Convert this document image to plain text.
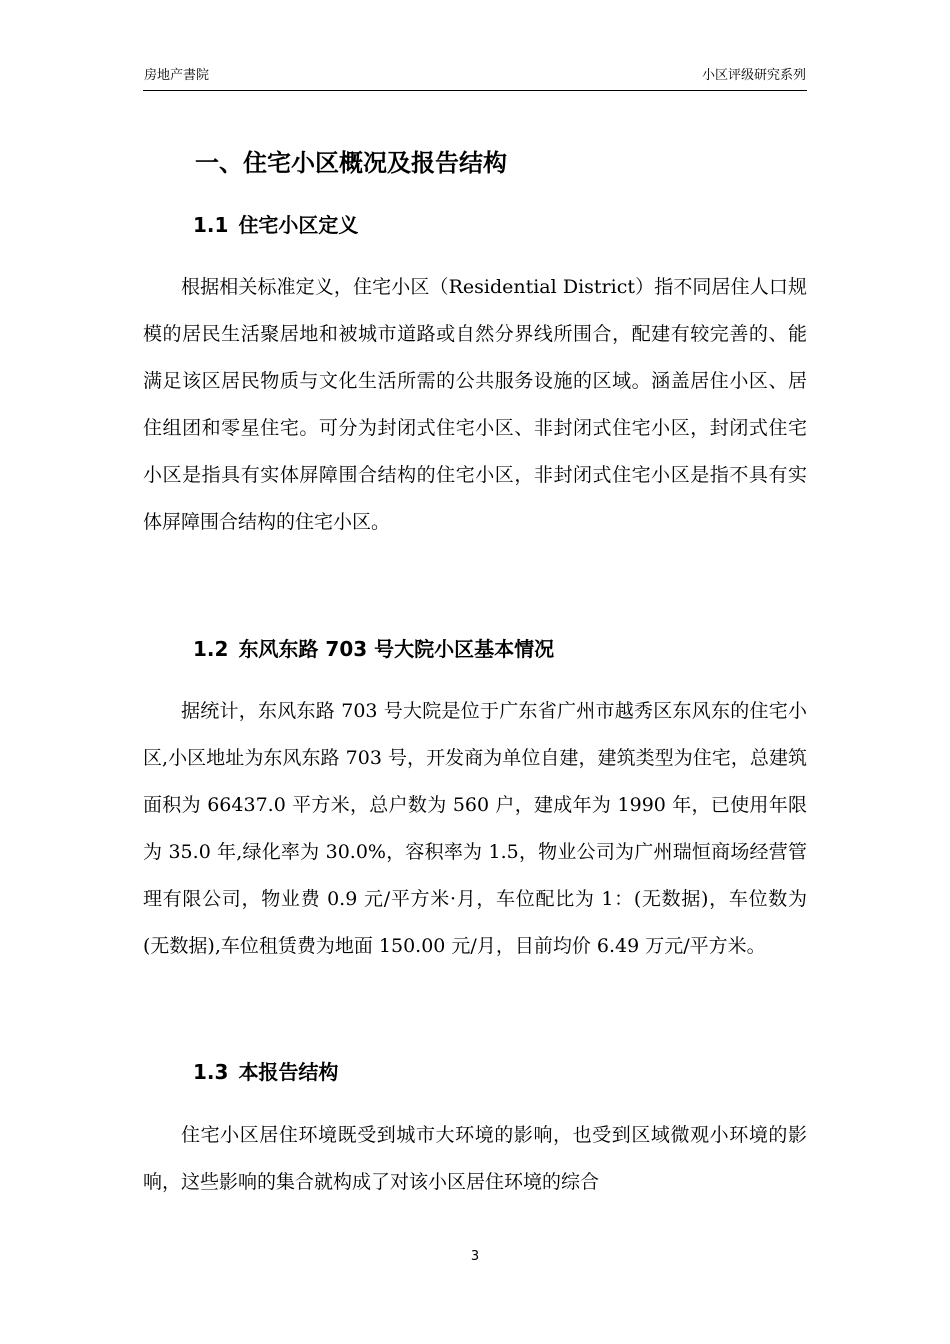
房地产書院	小区评级研究系列
一、住宅小区概况及报告结构
1.1 住宅小区定义

根据相关标准定义，住宅小区（Residential District）指不同居住人口规模的居民生活聚居地和被城市道路或自然分界线所围合，配建有较完善的、能满足该区居民物质与文化生活所需的公共服务设施的区域。涵盖居住小区、居住组团和零星住宅。可分为封闭式住宅小区、非封闭式住宅小区，封闭式住宅小区是指具有实体屏障围合结构的住宅小区，非封闭式住宅小区是指不具有实体屏障围合结构的住宅小区。

1.2 东风东路 703 号大院小区基本情况

据统计，东风东路 703 号大院是位于广东省广州市越秀区东风东的住宅小区,小区地址为东风东路 703 号，开发商为单位自建，建筑类型为住宅，总建筑面积为 66437.0 平方米，总户数为 560 户，建成年为 1990 年，已使用年限为 35.0 年,绿化率为 30.0%，容积率为 1.5，物业公司为广州瑞恒商场经营管理有限公司，物业费 0.9 元/平方米·月，车位配比为 1：(无数据)，车位数为(无数据),车位租赁费为地面 150.00 元/月，目前均价 6.49 万元/平方米。

1.3 本报告结构

住宅小区居住环境既受到城市大环境的影响，也受到区域微观小环境的影响，这些影响的集合就构成了对该小区居住环境的综合

3
